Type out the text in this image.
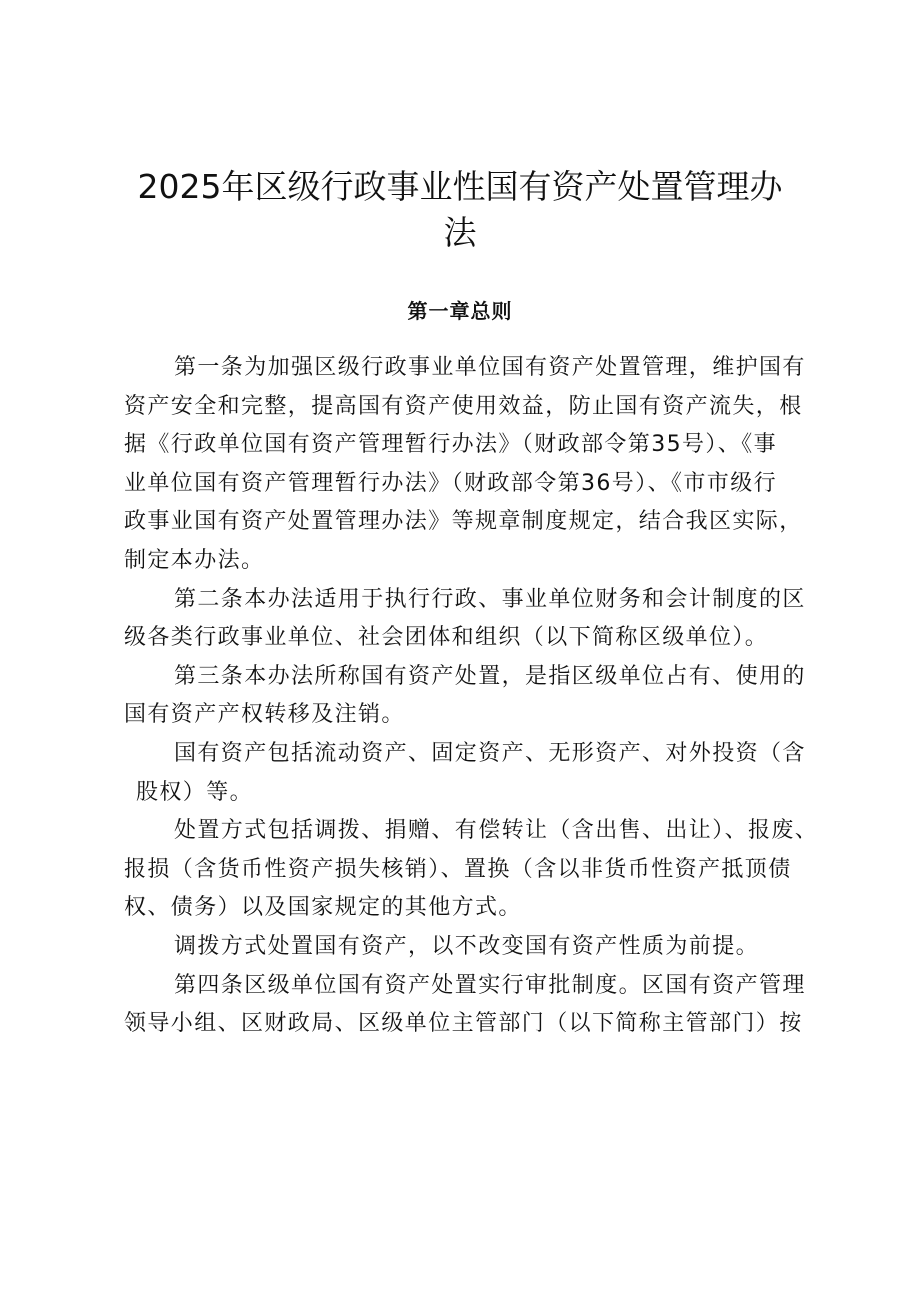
2025年区级行政事业性国有资产处置管理办
法
第一章总则

第一条为加强区级行政事业单位国有资产处置管理，维护国有
资产安全和完整，提高国有资产使用效益，防止国有资产流失，根
据《行政单位国有资产管理暂行办法》（财政部令第35号）、《事
业单位国有资产管理暂行办法》（财政部令第36号）、《市市级行
政事业国有资产处置管理办法》等规章制度规定，结合我区实际，
制定本办法。

第二条本办法适用于执行行政、事业单位财务和会计制度的区
级各类行政事业单位、社会团体和组织（以下简称区级单位）。

第三条本办法所称国有资产处置，是指区级单位占有、使用的
国有资产产权转移及注销。

国有资产包括流动资产、固定资产、无形资产、对外投资（含
股权）等。

处置方式包括调拨、捐赠、有偿转让（含出售、出让）、报废、
报损（含货币性资产损失核销）、置换（含以非货币性资产抵顶债
权、债务）以及国家规定的其他方式。

调拨方式处置国有资产，以不改变国有资产性质为前提。

第四条区级单位国有资产处置实行审批制度。区国有资产管理
领导小组、区财政局、区级单位主管部门（以下简称主管部门）按
